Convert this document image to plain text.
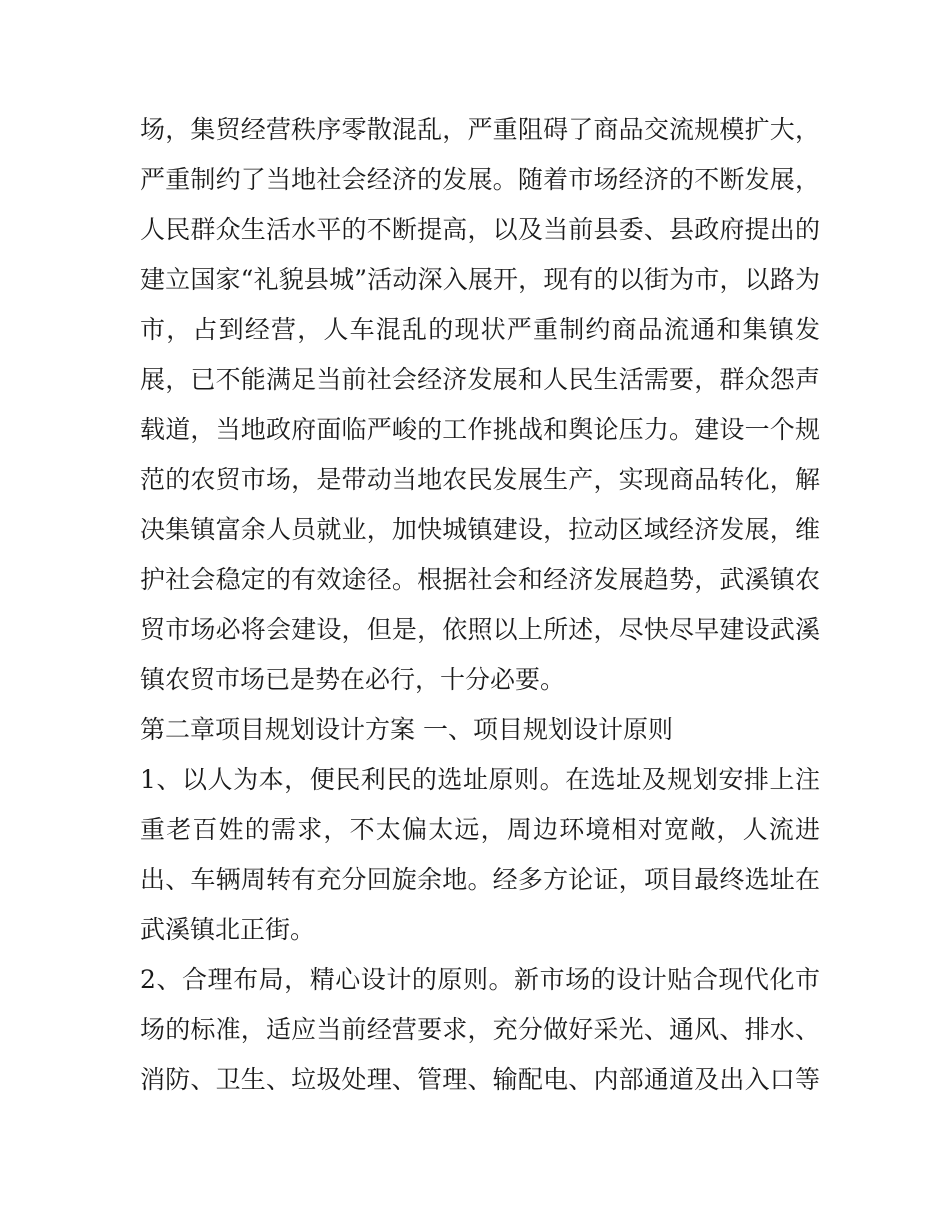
场，集贸经营秩序零散混乱，严重阻碍了商品交流规模扩大，
严重制约了当地社会经济的发展。随着市场经济的不断发展，
人民群众生活水平的不断提高，以及当前县委、县政府提出的
建立国家“礼貌县城”活动深入展开，现有的以街为市，以路为
市，占到经营，人车混乱的现状严重制约商品流通和集镇发
展，已不能满足当前社会经济发展和人民生活需要，群众怨声
载道，当地政府面临严峻的工作挑战和舆论压力。建设一个规
范的农贸市场，是带动当地农民发展生产，实现商品转化，解
决集镇富余人员就业，加快城镇建设，拉动区域经济发展，维
护社会稳定的有效途径。根据社会和经济发展趋势，武溪镇农
贸市场必将会建设，但是，依照以上所述，尽快尽早建设武溪
镇农贸市场已是势在必行，十分必要。
第二章项目规划设计方案 一、项目规划设计原则
1、以人为本，便民利民的选址原则。在选址及规划安排上注
重老百姓的需求，不太偏太远，周边环境相对宽敞，人流进
出、车辆周转有充分回旋余地。经多方论证，项目最终选址在
武溪镇北正街。
2、合理布局，精心设计的原则。新市场的设计贴合现代化市
场的标准，适应当前经营要求，充分做好采光、通风、排水、
消防、卫生、垃圾处理、管理、输配电、内部通道及出入口等
